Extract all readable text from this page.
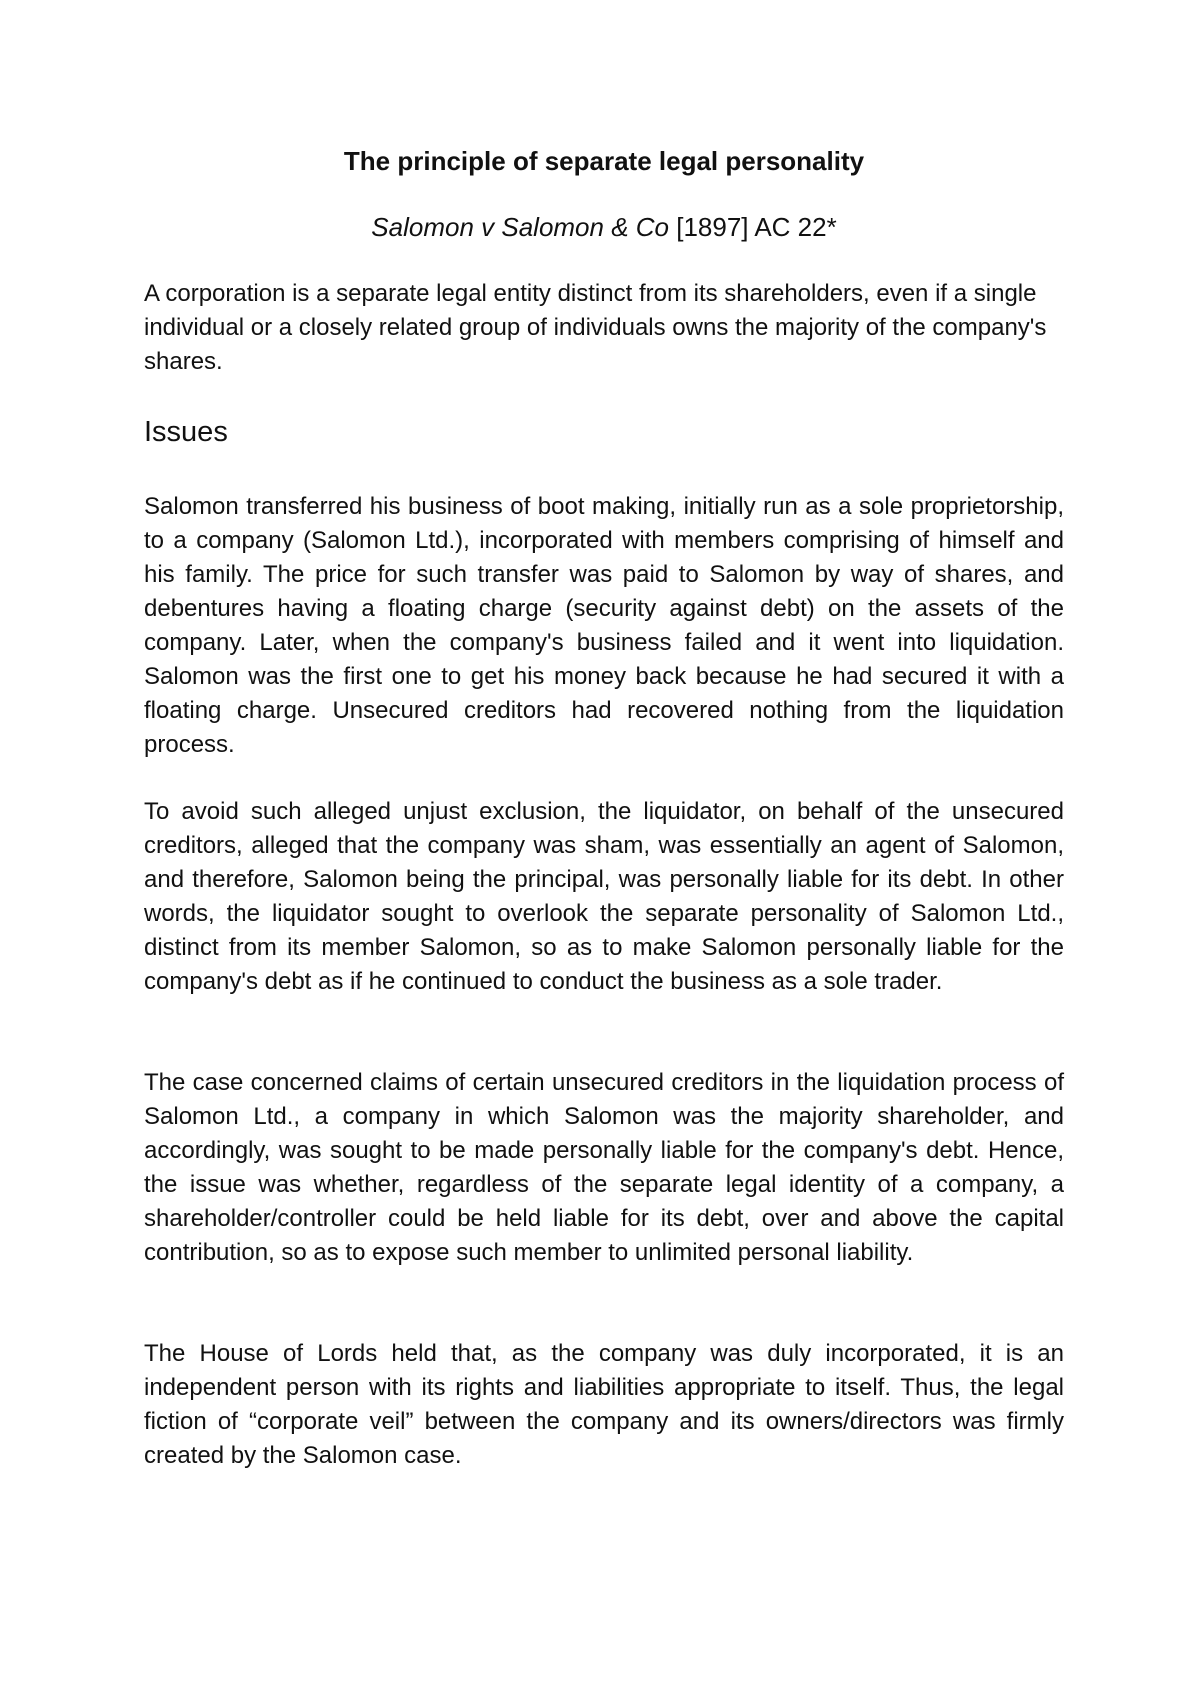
The principle of separate legal personality

Salomon v Salomon & Co [1897] AC 22*

A corporation is a separate legal entity distinct from its shareholders, even if a single individual or a closely related group of individuals owns the majority of the company's shares.

Issues

Salomon transferred his business of boot making, initially run as a sole proprietorship, to a company (Salomon Ltd.), incorporated with members comprising of himself and his family. The price for such transfer was paid to Salomon by way of shares, and debentures having a floating charge (security against debt) on the assets of the company. Later, when the company's business failed and it went into liquidation. Salomon was the first one to get his money back because he had secured it with a floating charge. Unsecured creditors had recovered nothing from the liquidation process.

To avoid such alleged unjust exclusion, the liquidator, on behalf of the unsecured creditors, alleged that the company was sham, was essentially an agent of Salomon, and therefore, Salomon being the principal, was personally liable for its debt. In other words, the liquidator sought to overlook the separate personality of Salomon Ltd., distinct from its member Salomon, so as to make Salomon personally liable for the company's debt as if he continued to conduct the business as a sole trader.

The case concerned claims of certain unsecured creditors in the liquidation process of Salomon Ltd., a company in which Salomon was the majority shareholder, and accordingly, was sought to be made personally liable for the company's debt. Hence, the issue was whether, regardless of the separate legal identity of a company, a shareholder/controller could be held liable for its debt, over and above the capital contribution, so as to expose such member to unlimited personal liability.

The House of Lords held that, as the company was duly incorporated, it is an independent person with its rights and liabilities appropriate to itself. Thus, the legal fiction of “corporate veil” between the company and its owners/directors was firmly created by the Salomon case.
